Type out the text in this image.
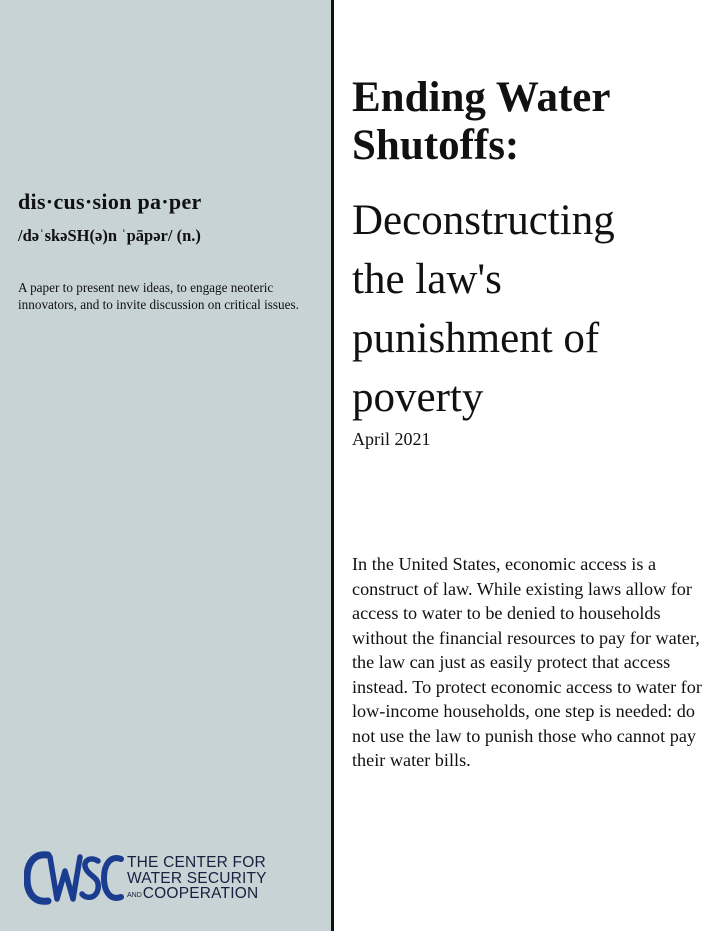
dis·cus·sion pa·per
/dəˈskəSH(ə)n ˈpāpər/ (n.)
A paper to present new ideas, to engage neoteric innovators, and to invite discussion on critical issues.
THE CENTER FOR
WATER SECURITY
ANDCOOPERATION
Ending Water
Shutoffs:
Deconstructing
the law's
punishment of
poverty
April 2021
In the United States, economic access is a construct of law. While existing laws allow for access to water to be denied to households without the financial resources to pay for water, the law can just as easily protect that access instead. To protect economic access to water for low-income households, one step is needed: do not use the law to punish those who cannot pay their water bills.
